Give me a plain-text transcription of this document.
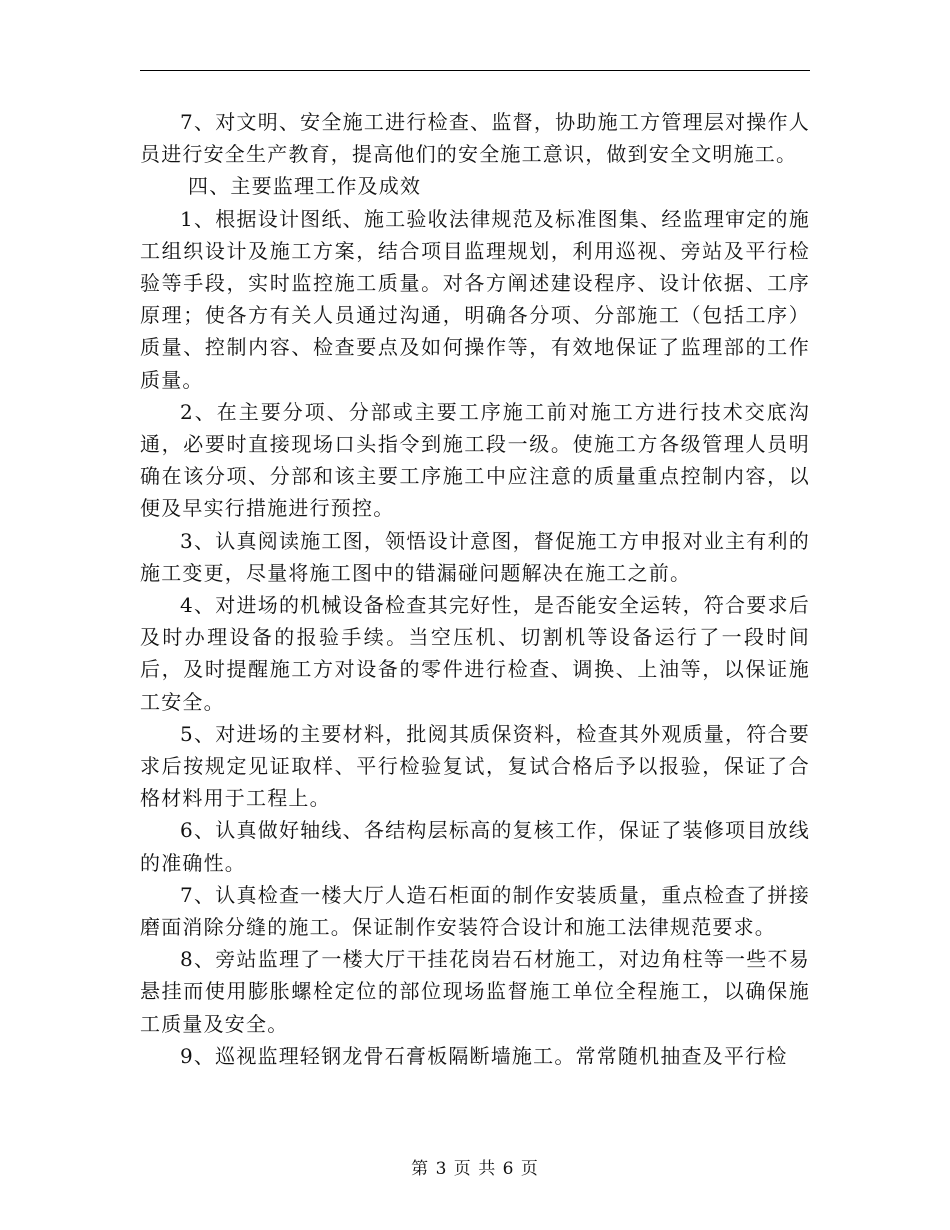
7、对文明、安全施工进行检查、监督，协助施工方管理层对操作人员进行安全生产教育，提高他们的安全施工意识，做到安全文明施工。

四、主要监理工作及成效

1、根据设计图纸、施工验收法律规范及标准图集、经监理审定的施工组织设计及施工方案，结合项目监理规划，利用巡视、旁站及平行检验等手段，实时监控施工质量。对各方阐述建设程序、设计依据、工序原理；使各方有关人员通过沟通，明确各分项、分部施工（包括工序）质量、控制内容、检查要点及如何操作等，有效地保证了监理部的工作质量。

2、在主要分项、分部或主要工序施工前对施工方进行技术交底沟通，必要时直接现场口头指令到施工段一级。使施工方各级管理人员明确在该分项、分部和该主要工序施工中应注意的质量重点控制内容，以便及早实行措施进行预控。

3、认真阅读施工图，领悟设计意图，督促施工方申报对业主有利的施工变更，尽量将施工图中的错漏碰问题解决在施工之前。

4、对进场的机械设备检查其完好性，是否能安全运转，符合要求后及时办理设备的报验手续。当空压机、切割机等设备运行了一段时间后，及时提醒施工方对设备的零件进行检查、调换、上油等，以保证施工安全。

5、对进场的主要材料，批阅其质保资料，检查其外观质量，符合要求后按规定见证取样、平行检验复试，复试合格后予以报验，保证了合格材料用于工程上。

6、认真做好轴线、各结构层标高的复核工作，保证了装修项目放线的准确性。

7、认真检查一楼大厅人造石柜面的制作安装质量，重点检查了拼接磨面消除分缝的施工。保证制作安装符合设计和施工法律规范要求。

8、旁站监理了一楼大厅干挂花岗岩石材施工，对边角柱等一些不易悬挂而使用膨胀螺栓定位的部位现场监督施工单位全程施工，以确保施工质量及安全。

9、巡视监理轻钢龙骨石膏板隔断墙施工。常常随机抽查及平行检

第 3 页 共 6 页
